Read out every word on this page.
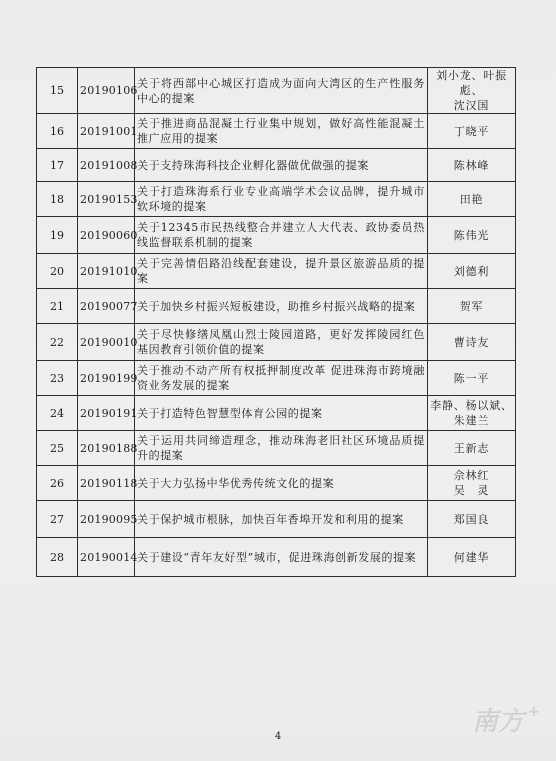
15	20190106	关于将西部中心城区打造成为面向大湾区的生产性服务中心的提案	刘小龙、叶振彪、
沈汉国

16	20191001	关于推进商品混凝土行业集中规划，做好高性能混凝土推广应用的提案	丁晓平

17	20191008	关于支持珠海科技企业孵化器做优做强的提案	陈林峰

18	20190153	关于打造珠海系行业专业高端学术会议品牌，提升城市软环境的提案	田艳

19	20190060	关于12345市民热线整合并建立人大代表、政协委员热线监督联系机制的提案	陈伟光

20	20191010	关于完善情侣路沿线配套建设，提升景区旅游品质的提案	刘德利

21	20190077	关于加快乡村振兴短板建设，助推乡村振兴战略的提案	贺军

22	20190010	关于尽快修缮凤凰山烈士陵园道路，更好发挥陵园红色基因教育引领价值的提案	曹诗友

23	20190199	关于推动不动产所有权抵押制度改革 促进珠海市跨境融资业务发展的提案	陈一平

24	20190191	关于打造特色智慧型体育公园的提案	李静、杨以斌、
朱建兰

25	20190188	关于运用共同缔造理念，推动珠海老旧社区环境品质提升的提案	王新志

26	20190118	关于大力弘扬中华优秀传统文化的提案	佘林红
吴　灵

27	20190095	关于保护城市根脉，加快百年香埠开发和利用的提案	郑国良

28	20190014	关于建设“青年友好型”城市，促进珠海创新发展的提案	何建华
4	南方 +
